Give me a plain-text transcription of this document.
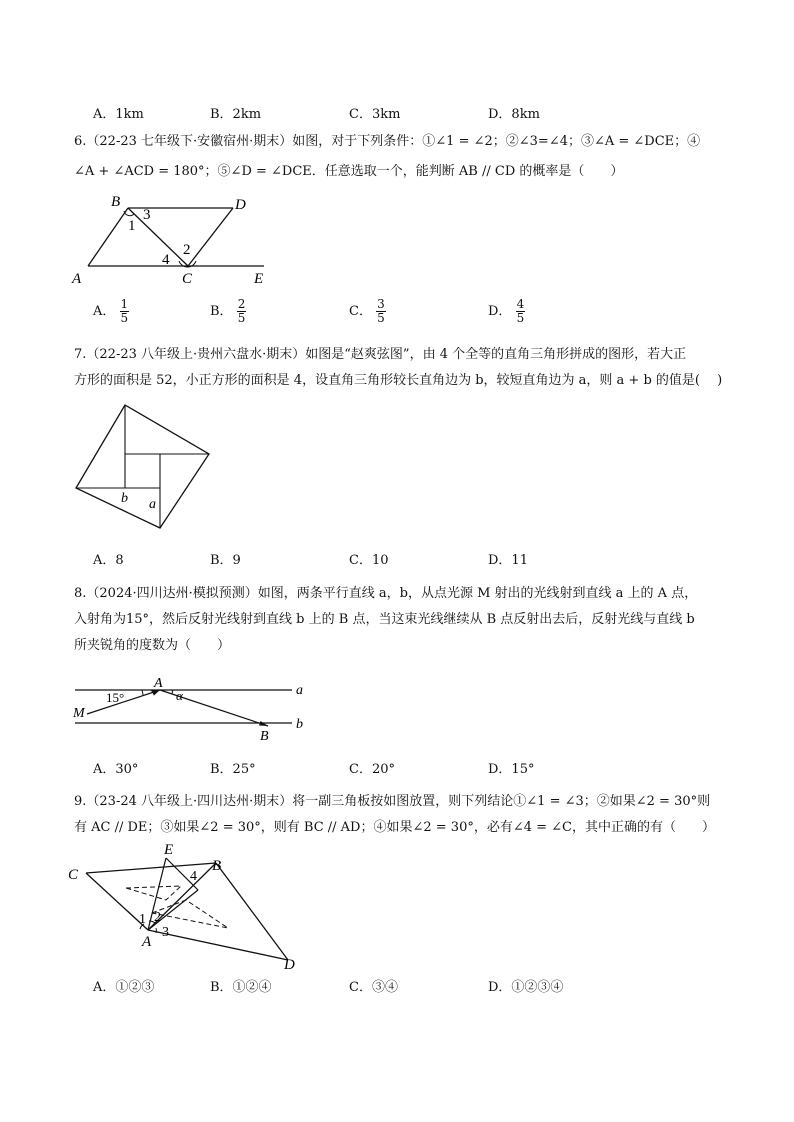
A．1km	B．2km	C．3km	D．8km
6.（22-23 七年级下·安徽宿州·期末）如图，对于下列条件：①∠1 = ∠2；②∠3=∠4；③∠A = ∠DCE；④
∠A + ∠ACD = 180°；⑤∠D = ∠DCE．任意选取一个，能判断 AB // CD 的概率是（　　）
B	D
A	C	E
1
3
4
2
A． $\frac{1}{5}$	B． $\frac{2}{5}$	C． $\frac{3}{5}$	D． $\frac{4}{5}$
7.（22-23 八年级上·贵州六盘水·期末）如图是“赵爽弦图”，由 4 个全等的直角三角形拼成的图形，若大正
方形的面积是 52，小正方形的面积是 4，设直角三角形较长直角边为 b，较短直角边为 a，则 a + b 的值是(　 )
b a
A．8	B．9	C．10	D．11
8.（2024·四川达州·模拟预测）如图，两条平行直线 a，b，从点光源 M 射出的光线射到直线 a 上的 A 点，
入射角为15°，然后反射光线射到直线 b 上的 B 点，当这束光线继续从 B 点反射出去后，反射光线与直线 b
所夹锐角的度数为（　　）
15°
A
α
M
B
a
b
A．30°	B．25°	C．20°	D．15°
9.（23-24 八年级上·四川达州·期末）将一副三角板按如图放置，则下列结论①∠1 = ∠3；②如果∠2 = 30°则
有 AC // DE；③如果∠2 = 30°，则有 BC // AD；④如果∠2 = 30°，必有∠4 = ∠C，其中正确的有（　　）
C
E
B
A
D
1 2
3
4
A．①②③	B．①②④	C．③④	D．①②③④
